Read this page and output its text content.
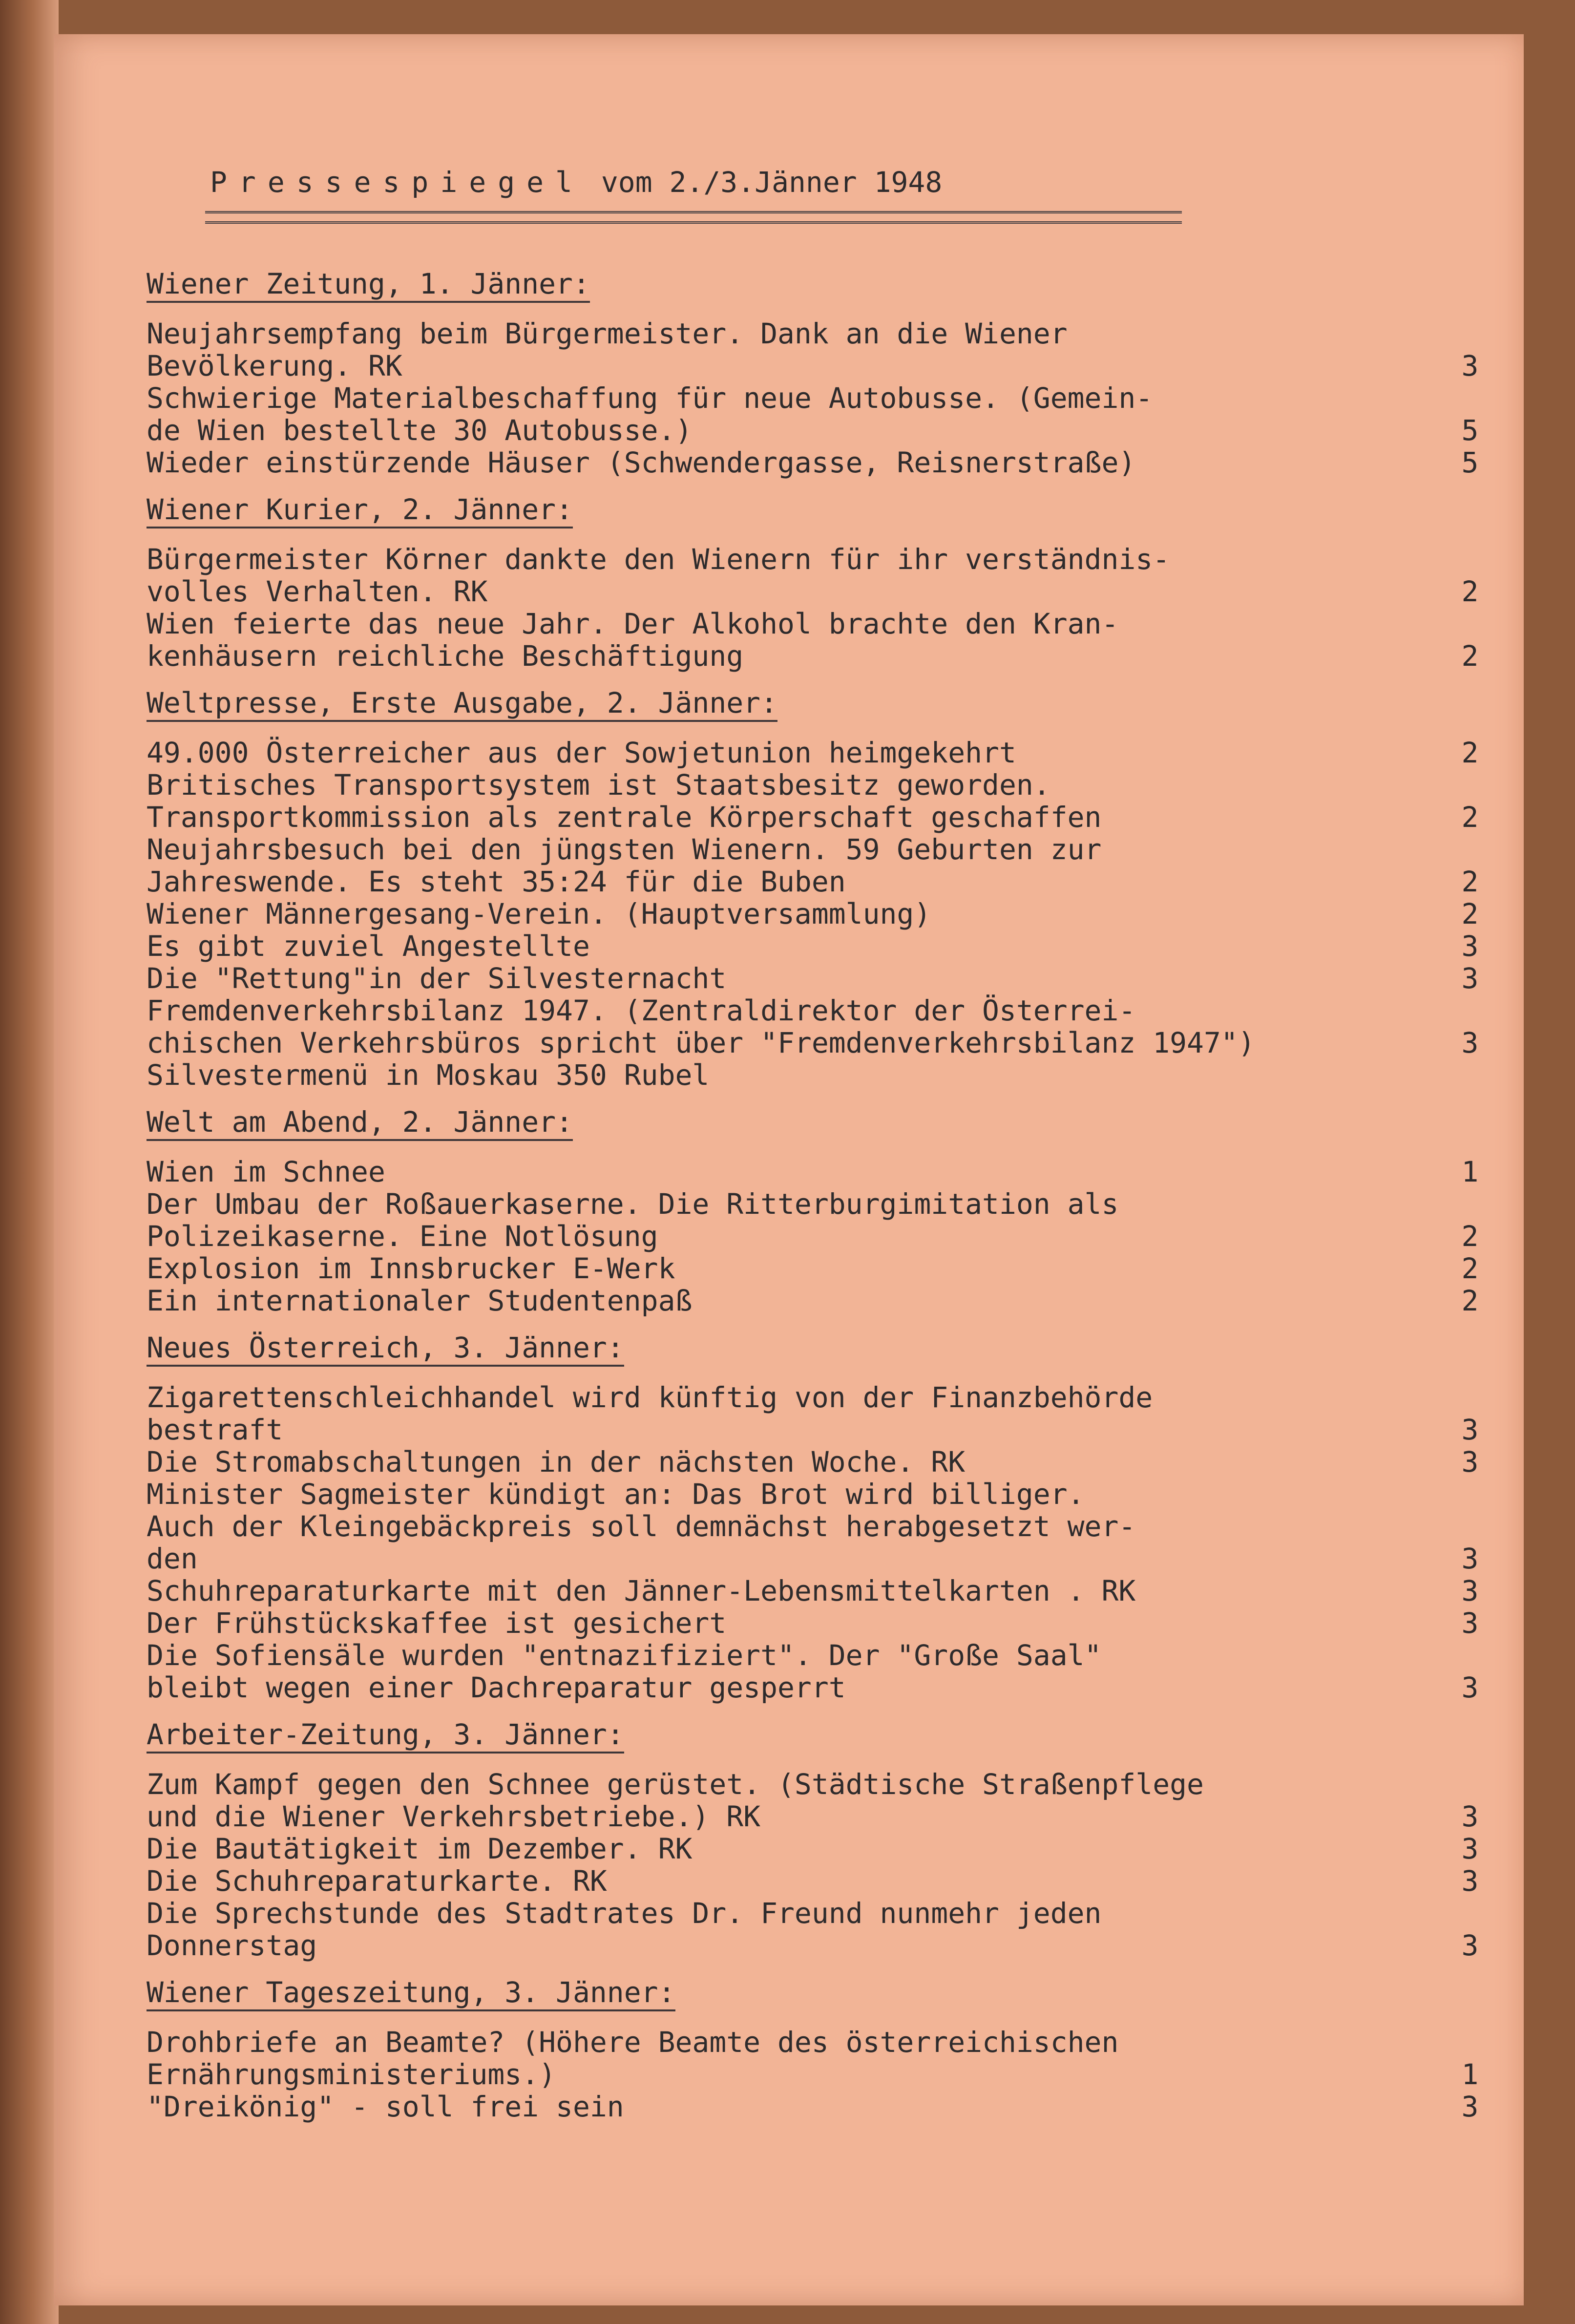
Pressespiegel vom 2./3.Jänner 1948
Wiener Zeitung, 1. Jänner:
Neujahrsempfang beim Bürgermeister. Dank an die Wiener
Bevölkerung. RK	3
Schwierige Materialbeschaffung für neue Autobusse. (Gemein-
de Wien bestellte 30 Autobusse.)	5
Wieder einstürzende Häuser (Schwendergasse, Reisnerstraße)	5
Wiener Kurier, 2. Jänner:
Bürgermeister Körner dankte den Wienern für ihr verständnis-
volles Verhalten. RK	2
Wien feierte das neue Jahr. Der Alkohol brachte den Kran-
kenhäusern reichliche Beschäftigung	2
Weltpresse, Erste Ausgabe, 2. Jänner:
49.000 Österreicher aus der Sowjetunion heimgekehrt	2
Britisches Transportsystem ist Staatsbesitz geworden.
Transportkommission als zentrale Körperschaft geschaffen	2
Neujahrsbesuch bei den jüngsten Wienern. 59 Geburten zur
Jahreswende. Es steht 35:24 für die Buben	2
Wiener Männergesang-Verein. (Hauptversammlung)	2
Es gibt zuviel Angestellte	3
Die "Rettung"in der Silvesternacht	3
Fremdenverkehrsbilanz 1947. (Zentraldirektor der Österrei-
chischen Verkehrsbüros spricht über "Fremdenverkehrsbilanz 1947")	3
Silvestermenü in Moskau 350 Rubel
Welt am Abend, 2. Jänner:
Wien im Schnee	1
Der Umbau der Roßauerkaserne. Die Ritterburgimitation als
Polizeikaserne. Eine Notlösung	2
Explosion im Innsbrucker E-Werk	2
Ein internationaler Studentenpaß	2
Neues Österreich, 3. Jänner:
Zigarettenschleichhandel wird künftig von der Finanzbehörde
bestraft	3
Die Stromabschaltungen in der nächsten Woche. RK	3
Minister Sagmeister kündigt an: Das Brot wird billiger.
Auch der Kleingebäckpreis soll demnächst herabgesetzt wer-
den	3
Schuhreparaturkarte mit den Jänner-Lebensmittelkarten . RK	3
Der Frühstückskaffee ist gesichert	3
Die Sofiensäle wurden "entnazifiziert". Der "Große Saal"
bleibt wegen einer Dachreparatur gesperrt	3
Arbeiter-Zeitung, 3. Jänner:
Zum Kampf gegen den Schnee gerüstet. (Städtische Straßenpflege
und die Wiener Verkehrsbetriebe.) RK	3
Die Bautätigkeit im Dezember. RK	3
Die Schuhreparaturkarte. RK	3
Die Sprechstunde des Stadtrates Dr. Freund nunmehr jeden
Donnerstag	3
Wiener Tageszeitung, 3. Jänner:
Drohbriefe an Beamte? (Höhere Beamte des österreichischen
Ernährungsministeriums.)	1
"Dreikönig" - soll frei sein	3
